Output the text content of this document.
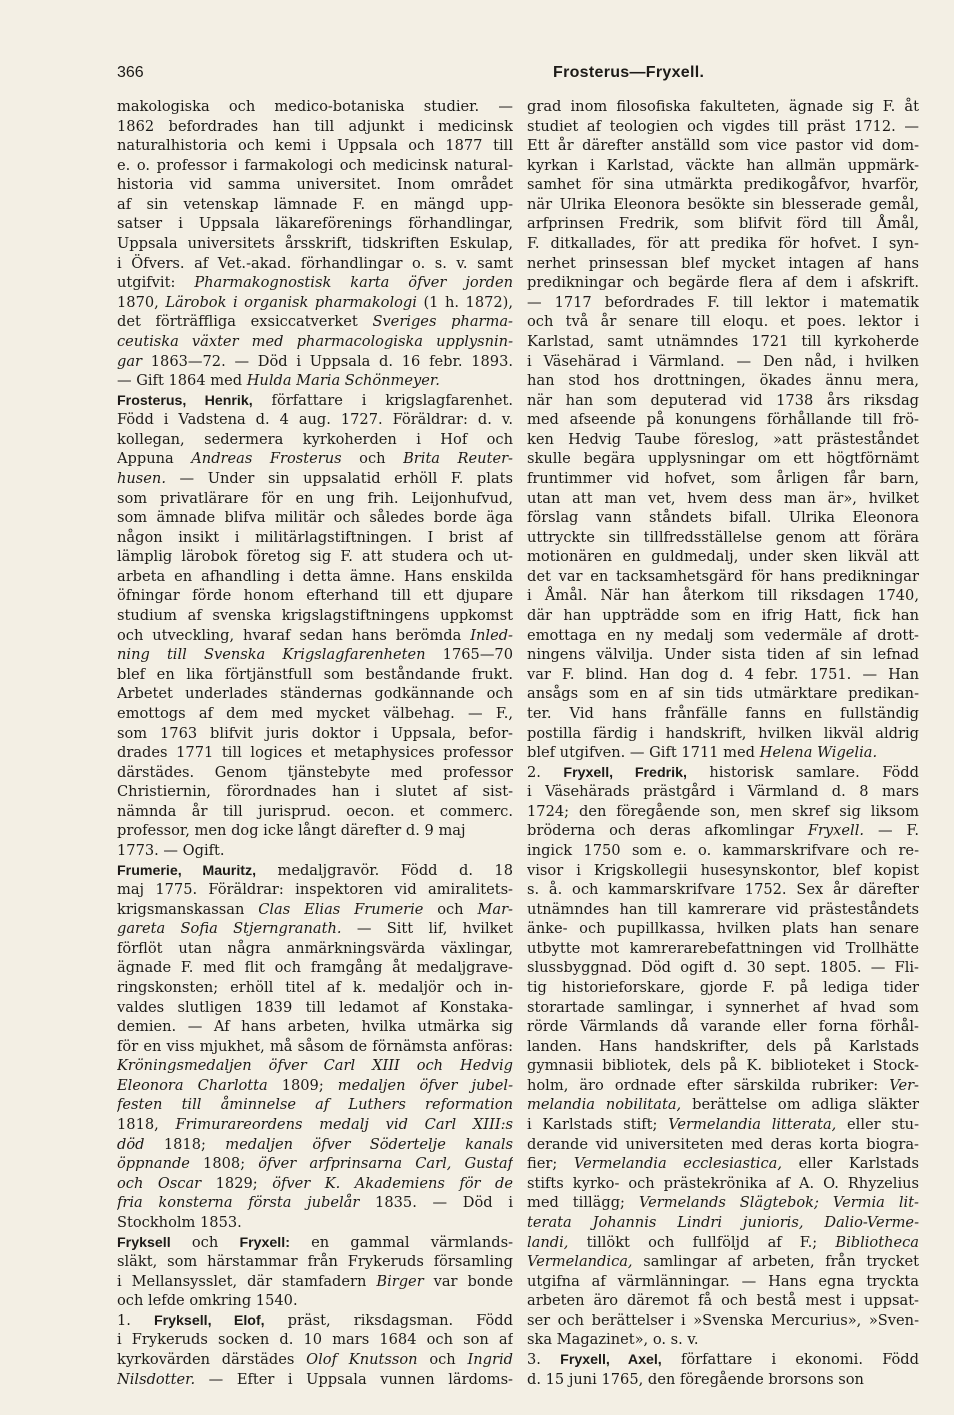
366	Frosterus—Fryxell.
makologiska och medico-botaniska studier. —
1862 befordrades han till adjunkt i medicinsk
naturalhistoria och kemi i Uppsala och 1877 till
e. o. professor i farmakologi och medicinsk natural-
historia vid samma universitet. Inom området
af sin vetenskap lämnade F. en mängd upp-
satser i Uppsala läkareförenings förhandlingar,
Uppsala universitets årsskrift, tidskriften Eskulap,
i Öfvers. af Vet.-akad. förhandlingar o. s. v. samt
utgifvit: Pharmakognostisk karta öfver jorden
1870, Lärobok i organisk pharmakologi (1 h. 1872),
det förträffliga exsiccatverket Sveriges pharma-
ceutiska växter med pharmacologiska upplysnin-
gar 1863—72. — Död i Uppsala d. 16 febr. 1893.
— Gift 1864 med Hulda Maria Schönmeyer.
Frosterus, Henrik, författare i krigslagfarenhet.
Född i Vadstena d. 4 aug. 1727. Föräldrar: d. v.
kollegan, sedermera kyrkoherden i Hof och
Appuna Andreas Frosterus och Brita Reuter-
husen. — Under sin uppsalatid erhöll F. plats
som privatlärare för en ung frih. Leijonhufvud,
som ämnade blifva militär och således borde äga
någon insikt i militärlagstiftningen. I brist af
lämplig lärobok företog sig F. att studera och ut-
arbeta en afhandling i detta ämne. Hans enskilda
öfningar förde honom efterhand till ett djupare
studium af svenska krigslagstiftningens uppkomst
och utveckling, hvaraf sedan hans berömda Inled-
ning till Svenska Krigslagfarenheten 1765—70
blef en lika förtjänstfull som beståndande frukt.
Arbetet underlades ständernas godkännande och
emottogs af dem med mycket välbehag. — F.,
som 1763 blifvit juris doktor i Uppsala, befor-
drades 1771 till logices et metaphysices professor
därstädes. Genom tjänstebyte med professor
Christiernin, förordnades han i slutet af sist-
nämnda år till jurisprud. oecon. et commerc.
professor, men dog icke långt därefter d. 9 maj
1773. — Ogift.
Frumerie, Mauritz, medaljgravör. Född d. 18
maj 1775. Föräldrar: inspektoren vid amiralitets-
krigsmanskassan Clas Elias Frumerie och Mar-
gareta Sofia Stjerngranath. — Sitt lif, hvilket
förflöt utan några anmärkningsvärda växlingar,
ägnade F. med flit och framgång åt medaljgrave-
ringskonsten; erhöll titel af k. medaljör och in-
valdes slutligen 1839 till ledamot af Konstaka-
demien. — Af hans arbeten, hvilka utmärka sig
för en viss mjukhet, må såsom de förnämsta anföras:
Kröningsmedaljen öfver Carl XIII och Hedvig
Eleonora Charlotta 1809; medaljen öfver jubel-
festen till åminnelse af Luthers reformation
1818, Frimurareordens medalj vid Carl XIII:s
död 1818; medaljen öfver Södertelje kanals
öppnande 1808; öfver arfprinsarna Carl, Gustaf
och Oscar 1829; öfver K. Akademiens för de
fria konsterna första jubelår 1835. — Död i
Stockholm 1853.
Fryksell och Fryxell: en gammal värmlands-
släkt, som härstammar från Frykeruds församling
i Mellansysslet, där stamfadern Birger var bonde
och lefde omkring 1540.
1. Fryksell, Elof, präst, riksdagsman. Född
i Frykeruds socken d. 10 mars 1684 och son af
kyrkovärden därstädes Olof Knutsson och Ingrid
Nilsdotter. — Efter i Uppsala vunnen lärdoms-
grad inom filosofiska fakulteten, ägnade sig F. åt
studiet af teologien och vigdes till präst 1712. —
Ett år därefter anställd som vice pastor vid dom-
kyrkan i Karlstad, väckte han allmän uppmärk-
samhet för sina utmärkta predikogåfvor, hvarför,
när Ulrika Eleonora besökte sin blesserade gemål,
arfprinsen Fredrik, som blifvit förd till Åmål,
F. ditkallades, för att predika för hofvet. I syn-
nerhet prinsessan blef mycket intagen af hans
predikningar och begärde flera af dem i afskrift.
— 1717 befordrades F. till lektor i matematik
och två år senare till eloqu. et poes. lektor i
Karlstad, samt utnämndes 1721 till kyrkoherde
i Väsehärad i Värmland. — Den nåd, i hvilken
han stod hos drottningen, ökades ännu mera,
när han som deputerad vid 1738 års riksdag
med afseende på konungens förhållande till frö-
ken Hedvig Taube föreslog, »att prästeståndet
skulle begära upplysningar om ett högtförnämt
fruntimmer vid hofvet, som årligen får barn,
utan att man vet, hvem dess man är», hvilket
förslag vann ståndets bifall. Ulrika Eleonora
uttryckte sin tillfredsställelse genom att förära
motionären en guldmedalj, under sken likväl att
det var en tacksamhetsgärd för hans predikningar
i Åmål. När han återkom till riksdagen 1740,
där han uppträdde som en ifrig Hatt, fick han
emottaga en ny medalj som vedermäle af drott-
ningens välvilja. Under sista tiden af sin lefnad
var F. blind. Han dog d. 4 febr. 1751. — Han
ansågs som en af sin tids utmärktare predikan-
ter. Vid hans frånfälle fanns en fullständig
postilla färdig i handskrift, hvilken likväl aldrig
blef utgifven. — Gift 1711 med Helena Wigelia.
2. Fryxell, Fredrik, historisk samlare. Född
i Väsehärads prästgård i Värmland d. 8 mars
1724; den föregående son, men skref sig liksom
bröderna och deras afkomlingar Fryxell. — F.
ingick 1750 som e. o. kammarskrifvare och re-
visor i Krigskollegii husesynskontor, blef kopist
s. å. och kammarskrifvare 1752. Sex år därefter
utnämndes han till kamrerare vid prästeståndets
änke- och pupillkassa, hvilken plats han senare
utbytte mot kamrerarebefattningen vid Trollhätte
slussbyggnad. Död ogift d. 30 sept. 1805. — Fli-
tig historieforskare, gjorde F. på lediga tider
storartade samlingar, i synnerhet af hvad som
rörde Värmlands då varande eller forna förhål-
landen. Hans handskrifter, dels på Karlstads
gymnasii bibliotek, dels på K. biblioteket i Stock-
holm, äro ordnade efter särskilda rubriker: Ver-
melandia nobilitata, berättelse om adliga släkter
i Karlstads stift; Vermelandia litterata, eller stu-
derande vid universiteten med deras korta biogra-
fier; Vermelandia ecclesiastica, eller Karlstads
stifts kyrko- och prästekrönika af A. O. Rhyzelius
med tillägg; Vermelands Slägtebok; Vermia lit-
terata Johannis Lindri junioris, Dalio-Verme-
landi, tillökt och fullföljd af F.; Bibliotheca
Vermelandica, samlingar af arbeten, från trycket
utgifna af värmlänningar. — Hans egna tryckta
arbeten äro däremot få och bestå mest i uppsat-
ser och berättelser i »Svenska Mercurius», »Sven-
ska Magazinet», o. s. v.
3. Fryxell, Axel, författare i ekonomi. Född
d. 15 juni 1765, den föregående brorsons son
